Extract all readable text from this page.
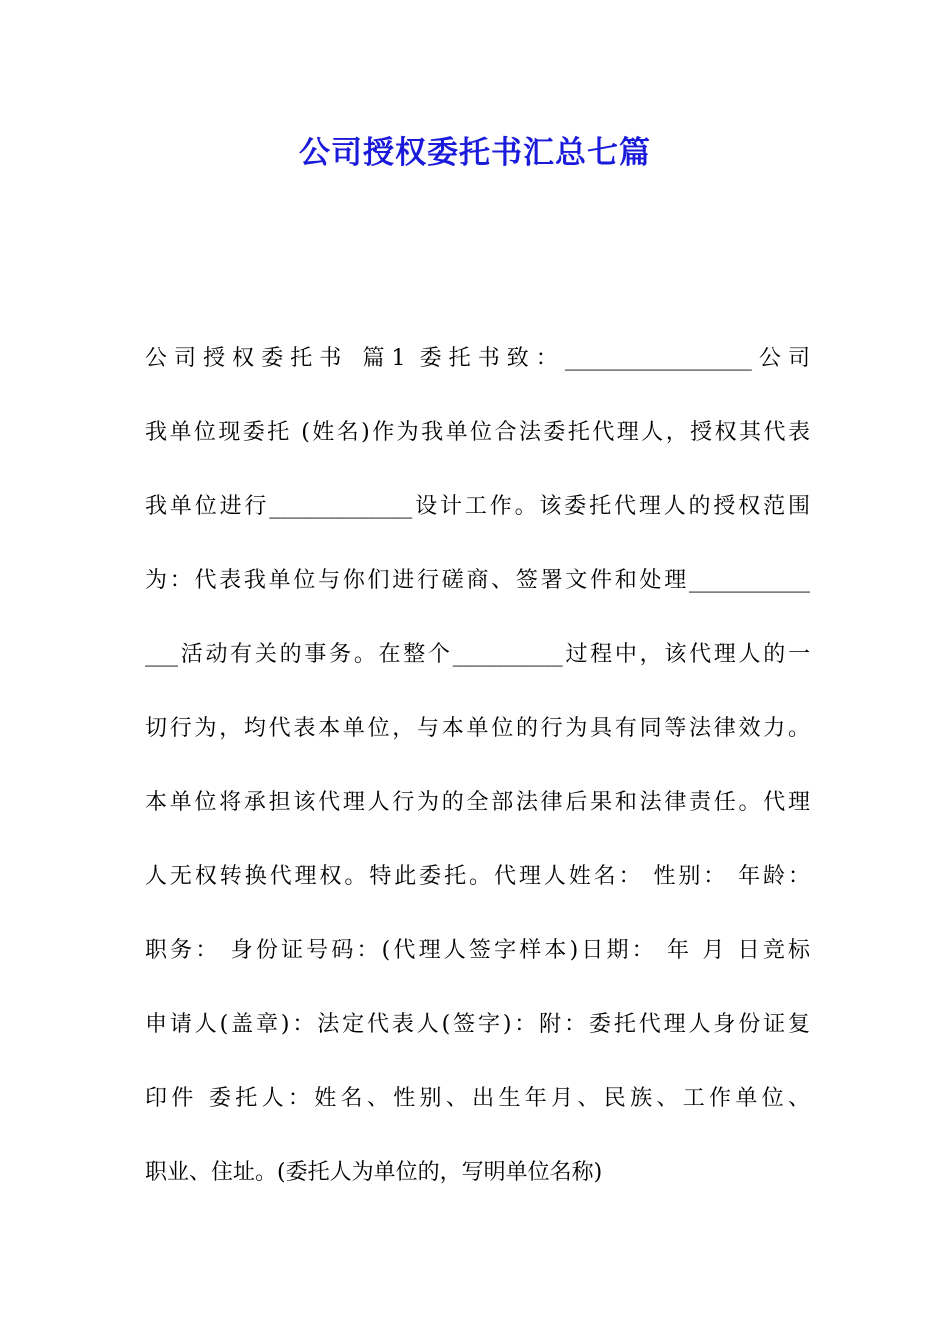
公司授权委托书汇总七篇
公司授权委托书 篇1 委托书致：_________________公司
我单位现委托 (姓名)作为我单位合法委托代理人，授权其代表
我单位进行_____________设计工作。该委托代理人的授权范围
为：代表我单位与你们进行磋商、签署文件和处理___________
___活动有关的事务。在整个__________过程中，该代理人的一
切行为，均代表本单位，与本单位的行为具有同等法律效力。
本单位将承担该代理人行为的全部法律后果和法律责任。代理
人无权转换代理权。特此委托。代理人姓名： 性别： 年龄：
职务： 身份证号码：(代理人签字样本)日期： 年 月 日竞标
申请人(盖章)：法定代表人(签字)：附：委托代理人身份证复
印件 委托人：姓名、性别、出生年月、民族、工作单位、
职业、住址。(委托人为单位的，写明单位名称)
